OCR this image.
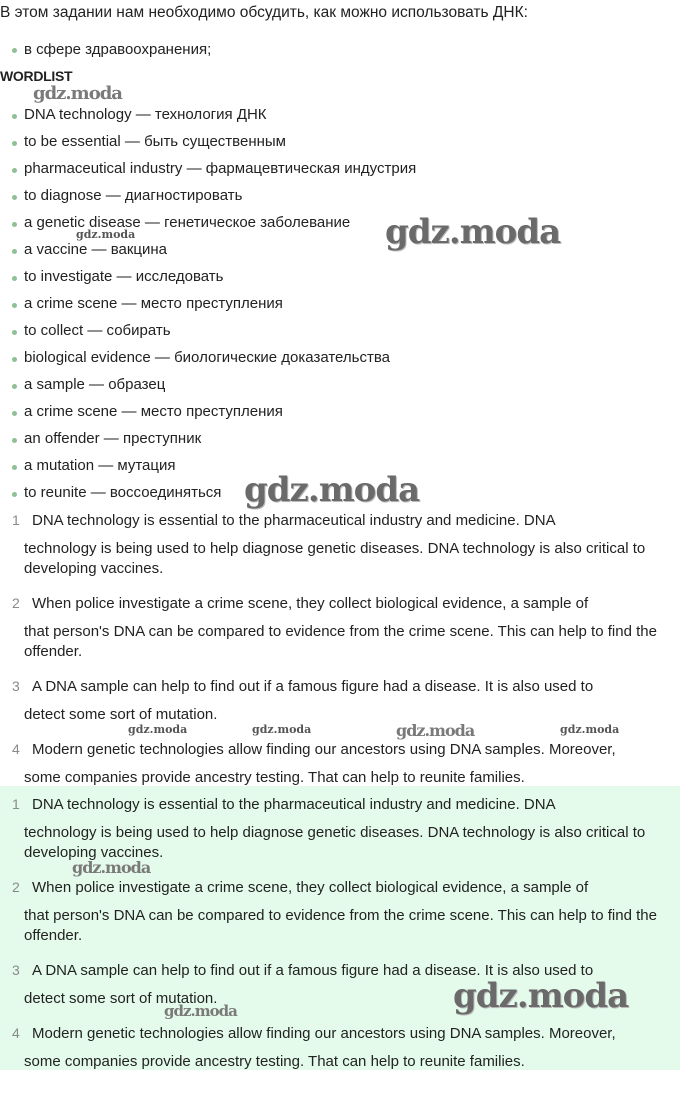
В этом задании нам необходимо обсудить, как можно использовать ДНК:
в сфере здравоохранения;
WORDLIST
DNA technology — технология ДНК
to be essential — быть существенным
pharmaceutical industry — фармацевтическая индустрия
to diagnose — диагностировать
a genetic disease — генетическое заболевание
a vaccine — вакцина
to investigate — исследовать
a crime scene — место преступления
to collect — собирать
biological evidence — биологические доказательства
a sample — образец
a crime scene — место преступления
an offender — преступник
a mutation — мутация
to reunite — воссоединяться
1 DNA technology is essential to the pharmaceutical industry and medicine. DNA
technology is being used to help diagnose genetic diseases. DNA technology is also critical to developing vaccines.
2 When police investigate a crime scene, they collect biological evidence, a sample of
that person's DNA can be compared to evidence from the crime scene. This can help to find the offender.
3 A DNA sample can help to find out if a famous figure had a disease. It is also used to
detect some sort of mutation.
4 Modern genetic technologies allow finding our ancestors using DNA samples. Moreover,
some companies provide ancestry testing. That can help to reunite families.
1 DNA technology is essential to the pharmaceutical industry and medicine. DNA
technology is being used to help diagnose genetic diseases. DNA technology is also critical to developing vaccines.
2 When police investigate a crime scene, they collect biological evidence, a sample of
that person's DNA can be compared to evidence from the crime scene. This can help to find the offender.
3 A DNA sample can help to find out if a famous figure had a disease. It is also used to
detect some sort of mutation.
4 Modern genetic technologies allow finding our ancestors using DNA samples. Moreover,
some companies provide ancestry testing. That can help to reunite families.
gdz.moda
gdz.moda
gdz.moda
gdz.moda
gdz.moda	gdz.moda	gdz.moda	gdz.moda
gdz.moda
gdz.moda
gdz.moda
